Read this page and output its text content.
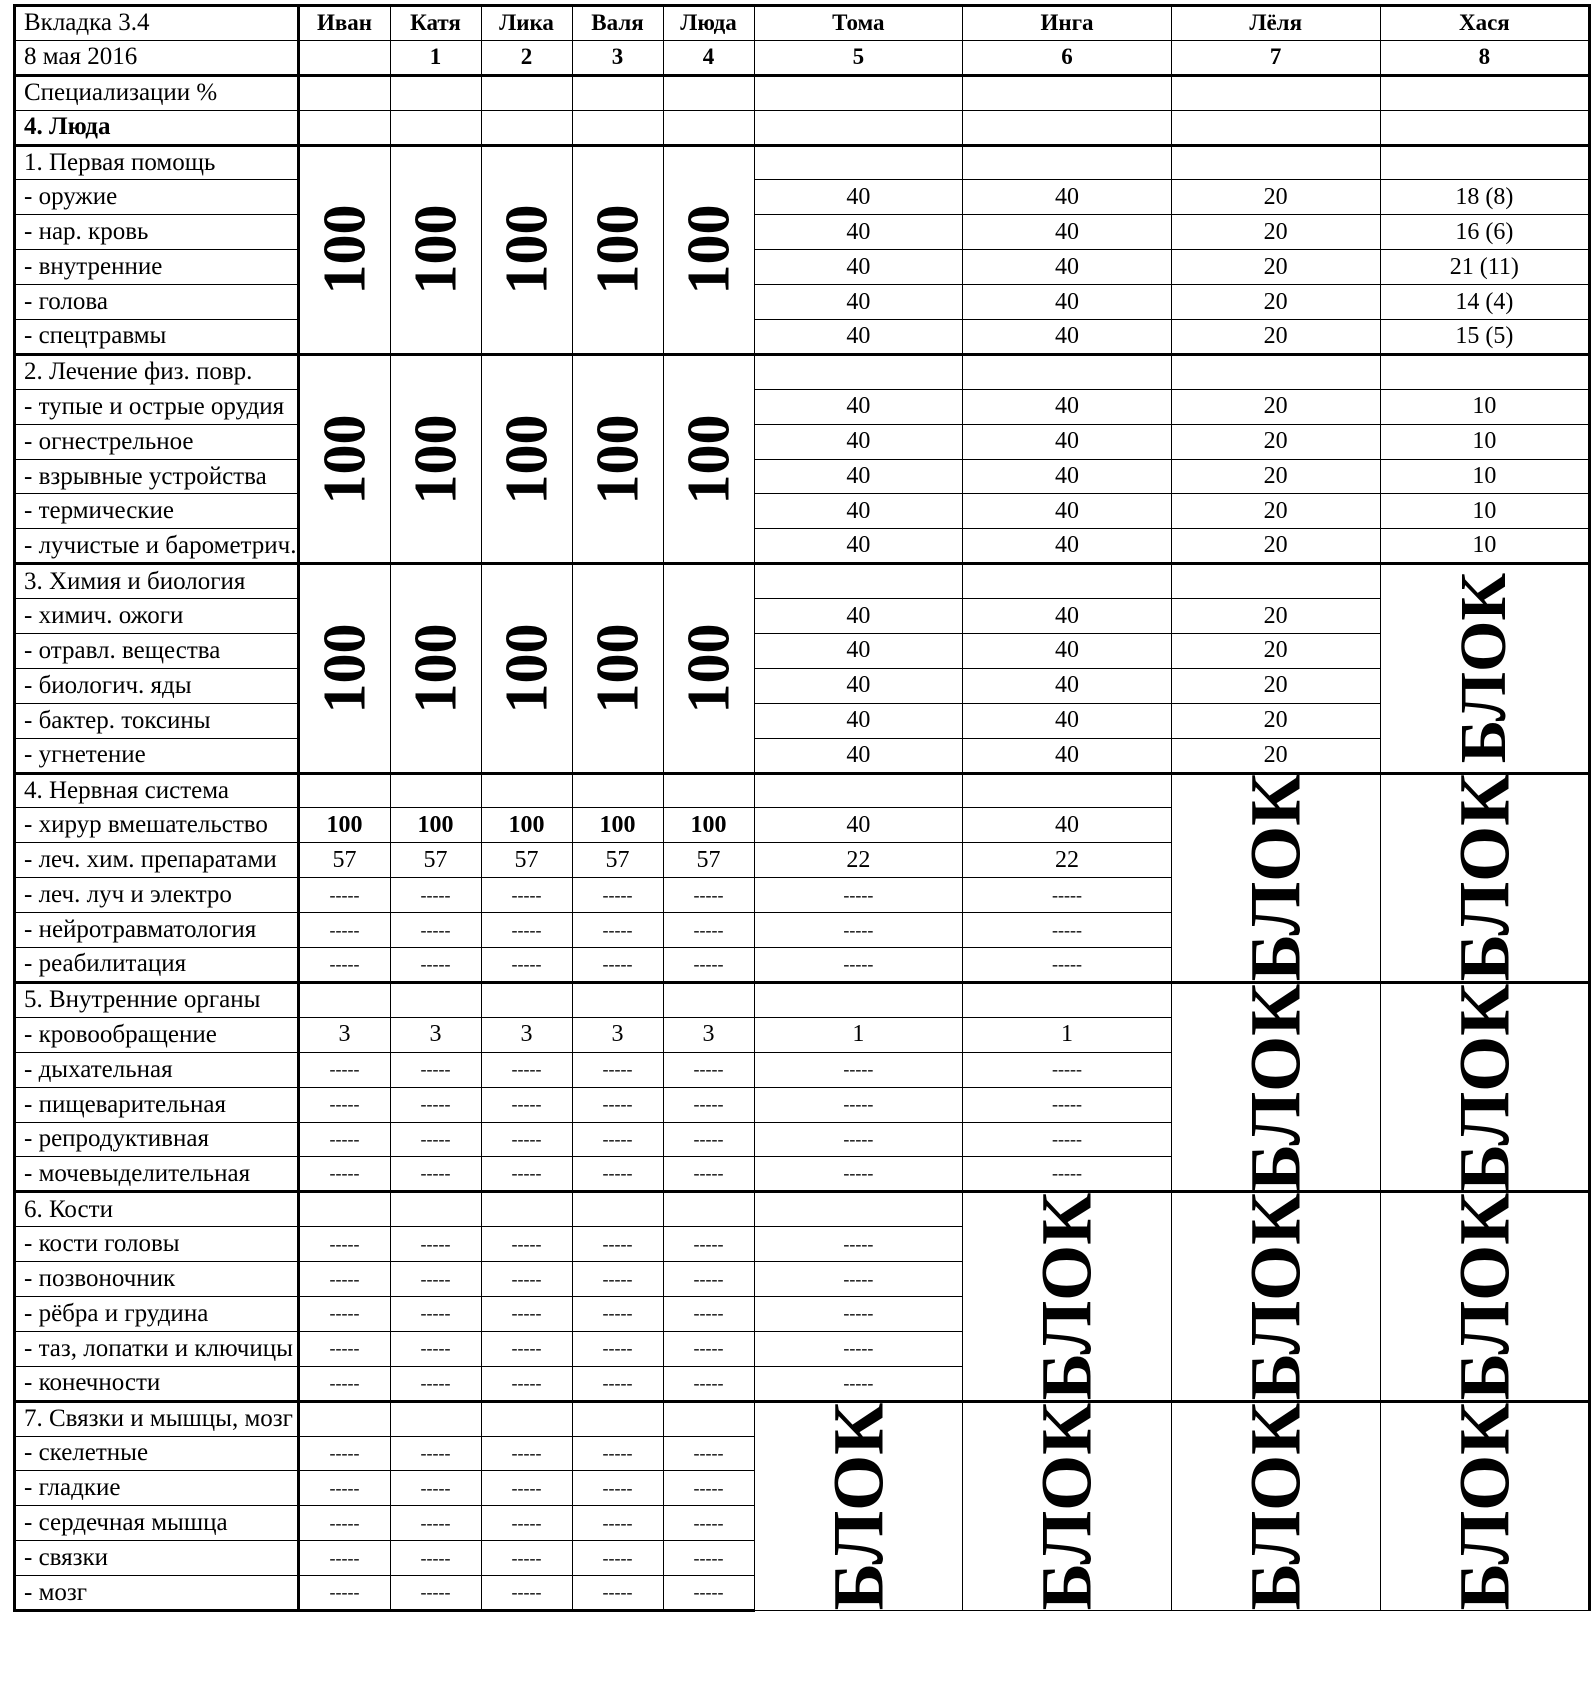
Вкладка 3.4	Иван	Катя	Лика	Валя	Люда	Тома	Инга	Лёля	Хася
8 мая 2016		1	2	3	4	5	6	7	8
Специализации %									
4. Люда									
1. Первая помощь	100	100	100	100	100				
- оружие						40	40	20	18 (8)
- нар. кровь						40	40	20	16 (6)
- внутренние						40	40	20	21 (11)
- голова						40	40	20	14 (4)
- спецтравмы						40	40	20	15 (5)
2. Лечение физ. повр.	100	100	100	100	100				
- тупые и острые орудия						40	40	20	10
- огнестрельное						40	40	20	10
- взрывные устройства						40	40	20	10
- термические						40	40	20	10
- лучистые и барометрич.						40	40	20	10
3. Химия и биология	100	100	100	100	100				БЛОК
- химич. ожоги						40	40	20	
- отравл. вещества						40	40	20	
- биологич. яды						40	40	20	
- бактер. токсины						40	40	20	
- угнетение						40	40	20	
4. Нервная система								БЛОК	БЛОК
- хирур вмешательство	100	100	100	100	100	40	40		
- леч. хим. препаратами	57	57	57	57	57	22	22		
- леч. луч и электро	-----	-----	-----	-----	-----	-----	-----		
- нейротравматология	-----	-----	-----	-----	-----	-----	-----		
- реабилитация	-----	-----	-----	-----	-----	-----	-----		
5. Внутренние органы								БЛОК	БЛОК
- кровообращение	3	3	3	3	3	1	1		
- дыхательная	-----	-----	-----	-----	-----	-----	-----		
- пищеварительная	-----	-----	-----	-----	-----	-----	-----		
- репродуктивная	-----	-----	-----	-----	-----	-----	-----		
- мочевыделительная	-----	-----	-----	-----	-----	-----	-----		
6. Кости							БЛОК	БЛОК	БЛОК
- кости головы	-----	-----	-----	-----	-----	-----			
- позвоночник	-----	-----	-----	-----	-----	-----			
- рёбра и грудина	-----	-----	-----	-----	-----	-----			
- таз, лопатки и ключицы	-----	-----	-----	-----	-----	-----			
- конечности	-----	-----	-----	-----	-----	-----			
7. Связки и мышцы, мозг						БЛОК	БЛОК	БЛОК	БЛОК
- скелетные	-----	-----	-----	-----	-----				
- гладкие	-----	-----	-----	-----	-----				
- сердечная мышца	-----	-----	-----	-----	-----				
- связки	-----	-----	-----	-----	-----				
- мозг	-----	-----	-----	-----	-----				
